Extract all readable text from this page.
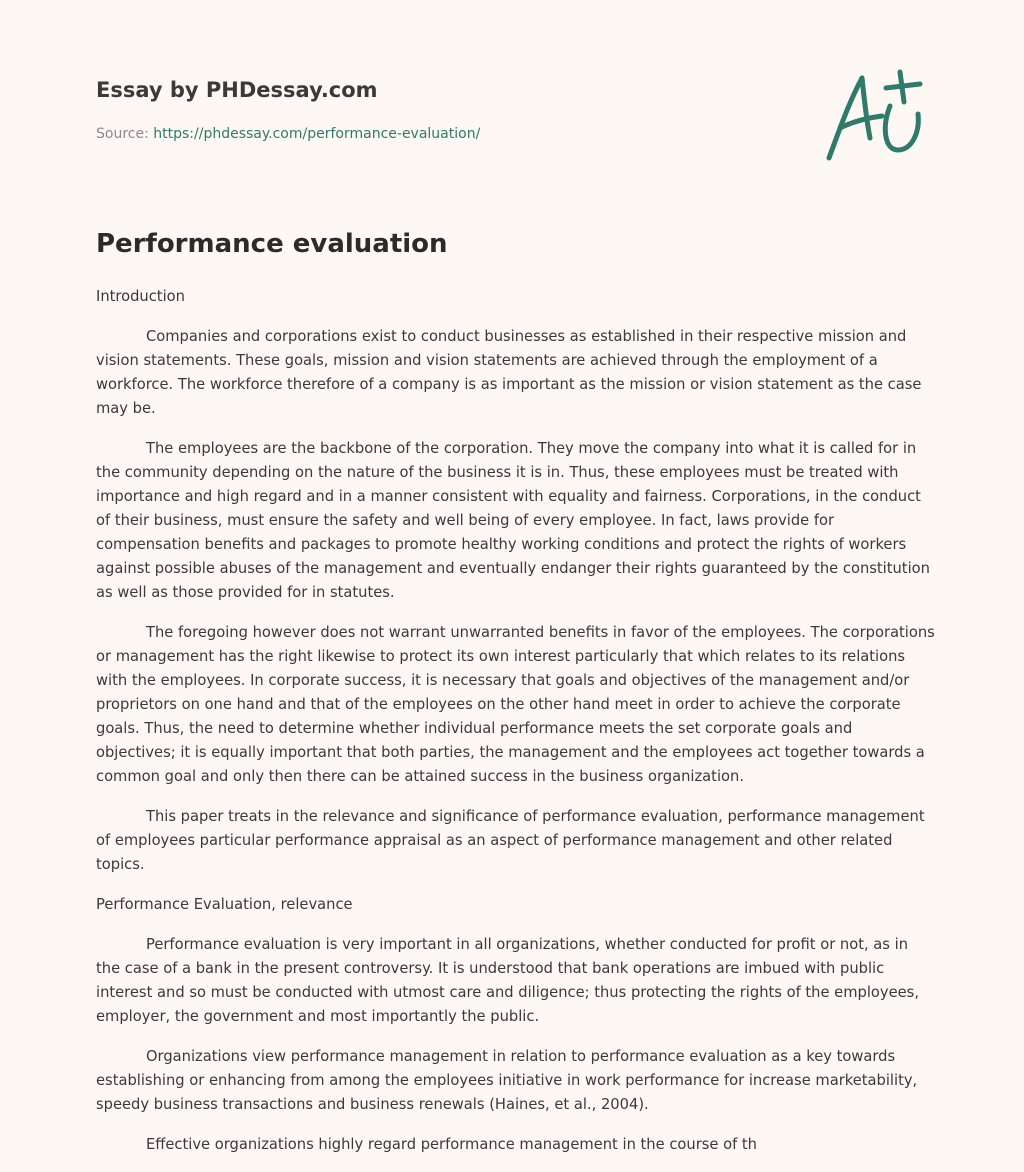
Essay by PHDessay.com

Source: https://phdessay.com/performance-evaluation/

Performance evaluation

Introduction

Companies and corporations exist to conduct businesses as established in their respective mission and vision statements. These goals, mission and vision statements are achieved through the employment of a workforce. The workforce therefore of a company is as important as the mission or vision statement as the case may be.

The employees are the backbone of the corporation. They move the company into what it is called for in the community depending on the nature of the business it is in. Thus, these employees must be treated with importance and high regard and in a manner consistent with equality and fairness. Corporations, in the conduct of their business, must ensure the safety and well being of every employee. In fact, laws provide for compensation benefits and packages to promote healthy working conditions and protect the rights of workers against possible abuses of the management and eventually endanger their rights guaranteed by the constitution as well as those provided for in statutes.

The foregoing however does not warrant unwarranted benefits in favor of the employees. The corporations or management has the right likewise to protect its own interest particularly that which relates to its relations with the employees. In corporate success, it is necessary that goals and objectives of the management and/or proprietors on one hand and that of the employees on the other hand meet in order to achieve the corporate goals. Thus, the need to determine whether individual performance meets the set corporate goals and objectives; it is equally important that both parties, the management and the employees act together towards a common goal and only then there can be attained success in the business organization.

This paper treats in the relevance and significance of performance evaluation, performance management of employees particular performance appraisal as an aspect of performance management and other related topics.

Performance Evaluation, relevance

Performance evaluation is very important in all organizations, whether conducted for profit or not, as in the case of a bank in the present controversy. It is understood that bank operations are imbued with public interest and so must be conducted with utmost care and diligence; thus protecting the rights of the employees, employer, the government and most importantly the public.

Organizations view performance management in relation to performance evaluation as a key towards establishing or enhancing from among the employees initiative in work performance for increase marketability, speedy business transactions and business renewals (Haines, et al., 2004).

Effective organizations highly regard performance management in the course of th
